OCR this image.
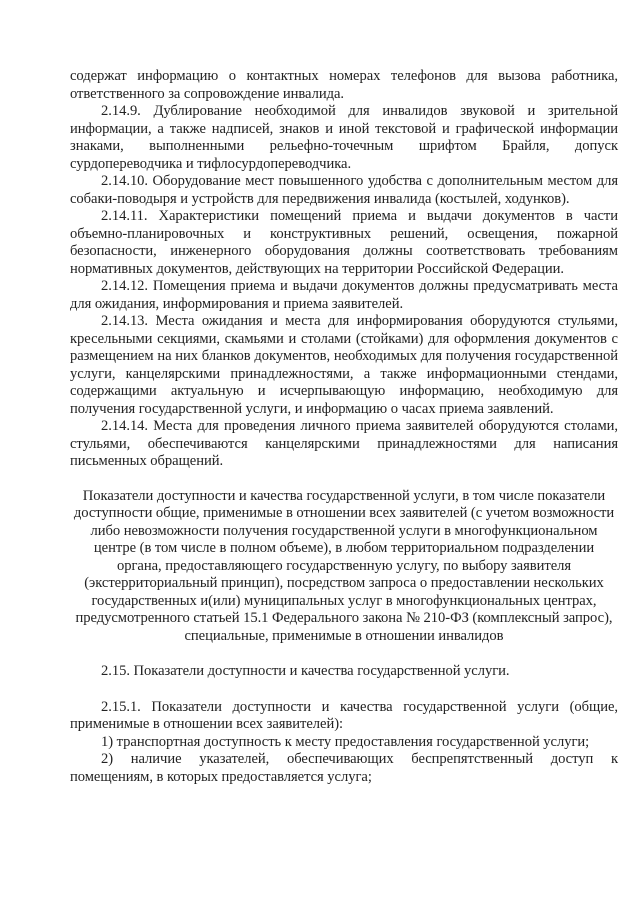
содержат информацию о контактных номерах телефонов для вызова работника, ответственного за сопровождение инвалида.

2.14.9. Дублирование необходимой для инвалидов звуковой и зрительной информации, а также надписей, знаков и иной текстовой и графической информации знаками, выполненными рельефно-точечным шрифтом Брайля, допуск сурдопереводчика и тифлосурдопереводчика.

2.14.10. Оборудование мест повышенного удобства с дополнительным местом для собаки-поводыря и устройств для передвижения инвалида (костылей, ходунков).

2.14.11. Характеристики помещений приема и выдачи документов в части объемно-планировочных и конструктивных решений, освещения, пожарной безопасности, инженерного оборудования должны соответствовать требованиям нормативных документов, действующих на территории Российской Федерации.

2.14.12. Помещения приема и выдачи документов должны предусматривать места для ожидания, информирования и приема заявителей.

2.14.13. Места ожидания и места для информирования оборудуются стульями, кресельными секциями, скамьями и столами (стойками) для оформления документов с размещением на них бланков документов, необходимых для получения государственной услуги, канцелярскими принадлежностями, а также информационными стендами, содержащими актуальную и исчерпывающую информацию, необходимую для получения государственной услуги, и информацию о часах приема заявлений.

2.14.14. Места для проведения личного приема заявителей оборудуются столами, стульями, обеспечиваются канцелярскими принадлежностями для написания письменных обращений.

Показатели доступности и качества государственной услуги, в том числе показатели доступности общие, применимые в отношении всех заявителей (с учетом возможности либо невозможности получения государственной услуги в многофункциональном центре (в том числе в полном объеме), в любом территориальном подразделении органа, предоставляющего государственную услугу, по выбору заявителя (экстерриториальный принцип), посредством запроса о предоставлении нескольких государственных и(или) муниципальных услуг в многофункциональных центрах, предусмотренного статьей 15.1 Федерального закона № 210-ФЗ (комплексный запрос), специальные, применимые в отношении инвалидов

2.15. Показатели доступности и качества государственной услуги.

2.15.1. Показатели доступности и качества государственной услуги (общие, применимые в отношении всех заявителей):

1) транспортная доступность к месту предоставления государственной услуги;

2) наличие указателей, обеспечивающих беспрепятственный доступ к помещениям, в которых предоставляется услуга;
